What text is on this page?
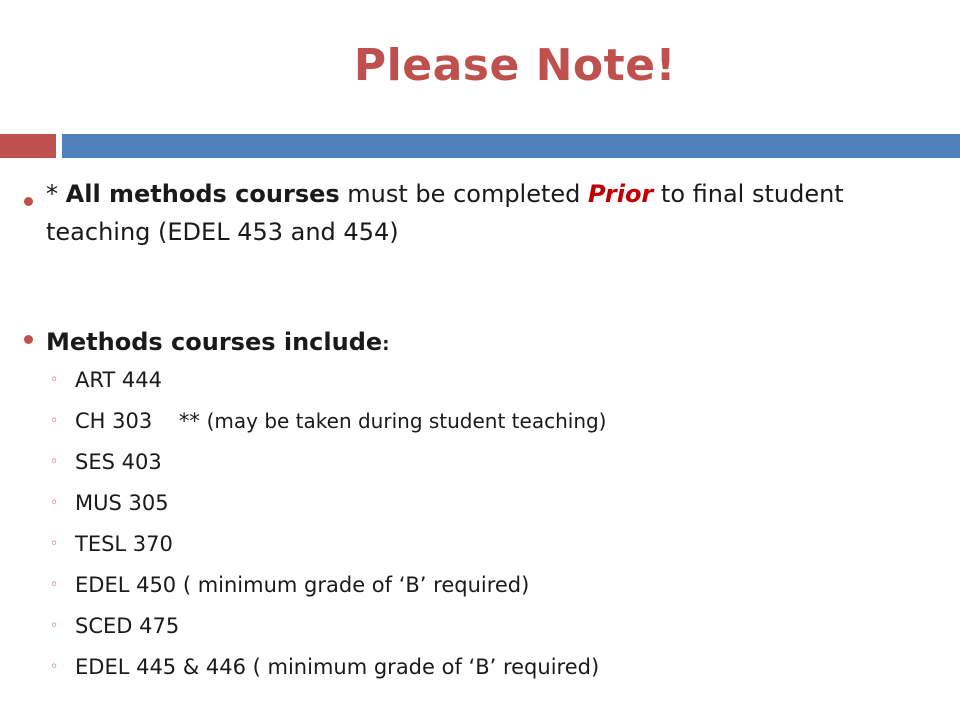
Please Note!

* All methods courses must be completed Prior to final student teaching (EDEL 453 and 454)

Methods courses include:

◦ ART 444
◦ CH 303    ** (may be taken during student teaching)
◦ SES 403
◦ MUS 305
◦ TESL 370
◦ EDEL 450 ( minimum grade of ‘B’ required)
◦ SCED 475
◦ EDEL 445 & 446 ( minimum grade of ‘B’ required)
